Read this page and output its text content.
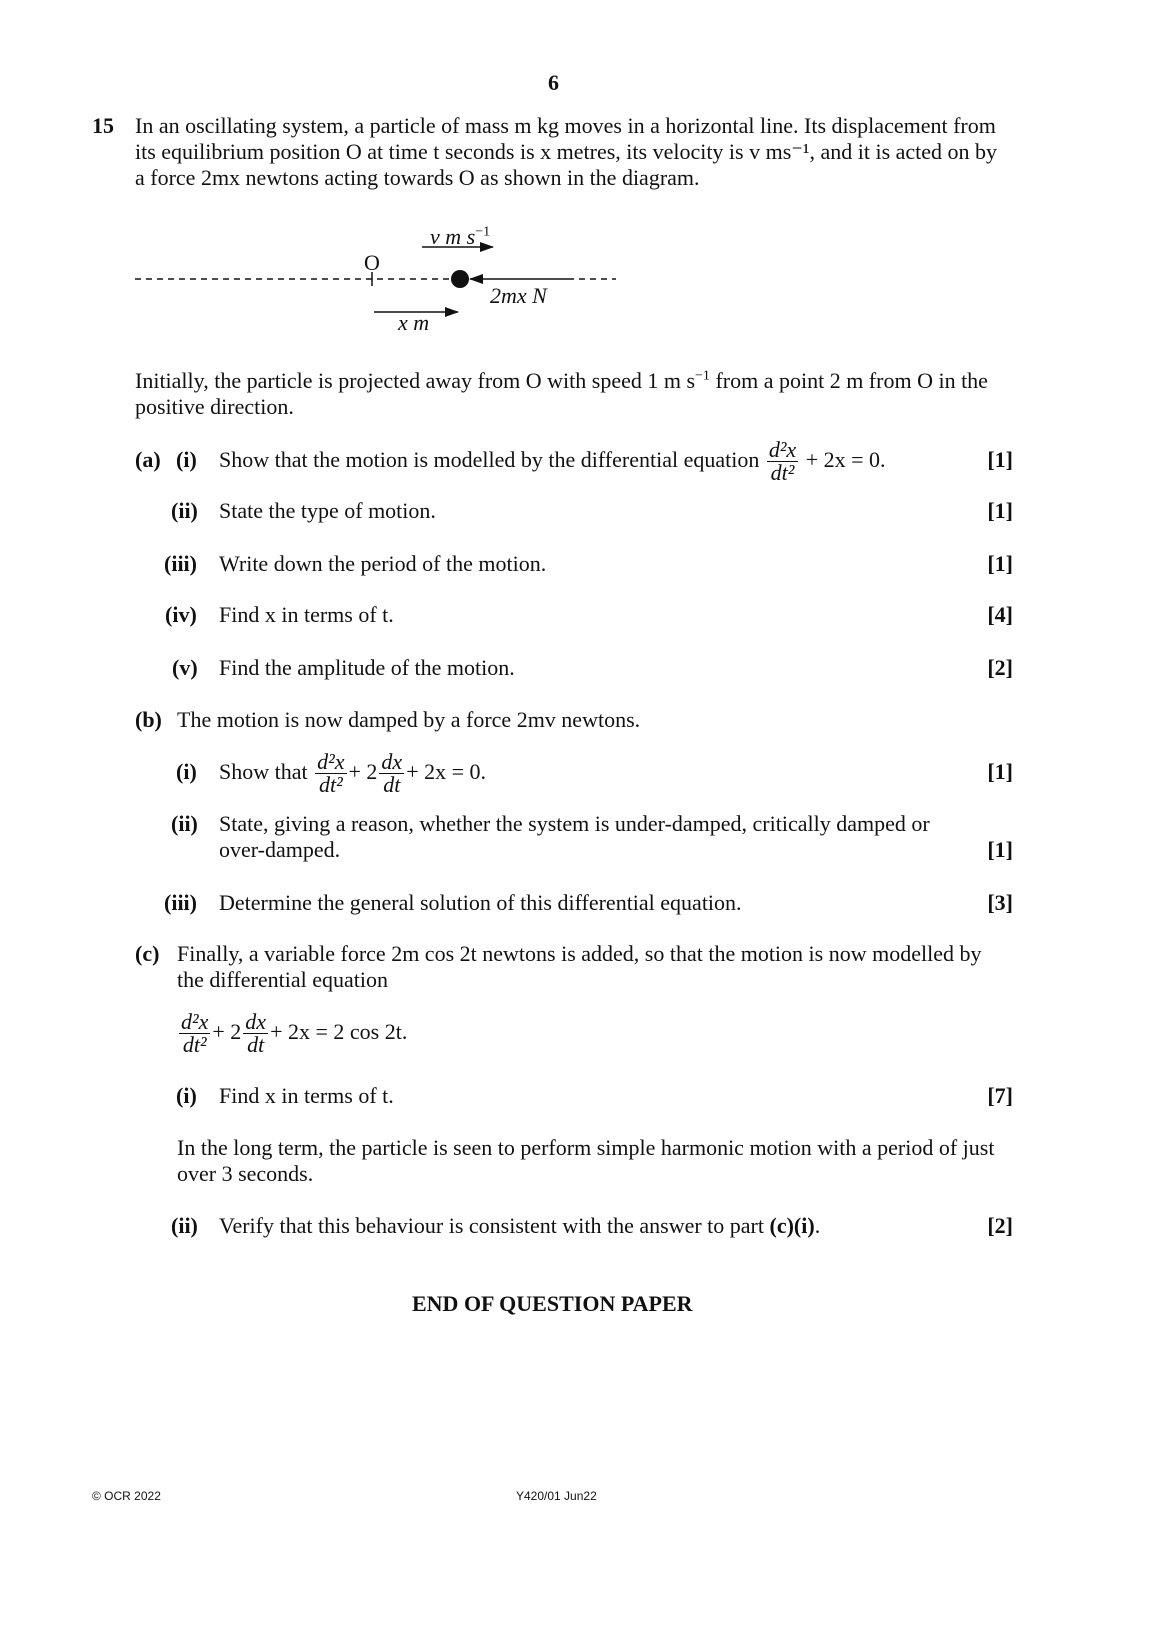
6
15 In an oscillating system, a particle of mass m kg moves in a horizontal line. Its displacement from
its equilibrium position O at time t seconds is x metres, its velocity is v ms⁻¹, and it is acted on by
a force 2mx newtons acting towards O as shown in the diagram.
O
v m $s^{-1}$
2mx N
x m
Initially, the particle is projected away from O with speed 1 m $s^{-1}$ from a point 2 m from O in the
positive direction.
(a) (i) Show that the motion is modelled by the differential equation $\frac{\text{d²x}}{\text{dt²}} + 2x = 0$.	[1]
(ii) State the type of motion.	[1]
(iii) Write down the period of the motion.	[1]
(iv) Find x in terms of t.	[4]
(v) Find the amplitude of the motion.	[2]
(b) The motion is now damped by a force 2mv newtons.
(i) Show that $\frac{\text{d²x}}{\text{dt²}} + 2 \frac{dx}{dt} + 2x = 0$.	[1]
(ii) State, giving a reason, whether the system is under-damped, critically damped or
over-damped.	[1]
(iii) Determine the general solution of this differential equation.	[3]
(c) Finally, a variable force 2m cos 2t newtons is added, so that the motion is now modelled by
the differential equation
$\frac{\text{d²x}}{\text{dt²}} + 2 \frac{dx}{dt} + 2x = 2$ cos 2t.
(i) Find x in terms of t.	[7]
In the long term, the particle is seen to perform simple harmonic motion with a period of just
over 3 seconds.
(ii) Verify that this behaviour is consistent with the answer to part (c)(i).	[2]
END OF QUESTION PAPER
© OCR 2022	Y420/01 Jun22
